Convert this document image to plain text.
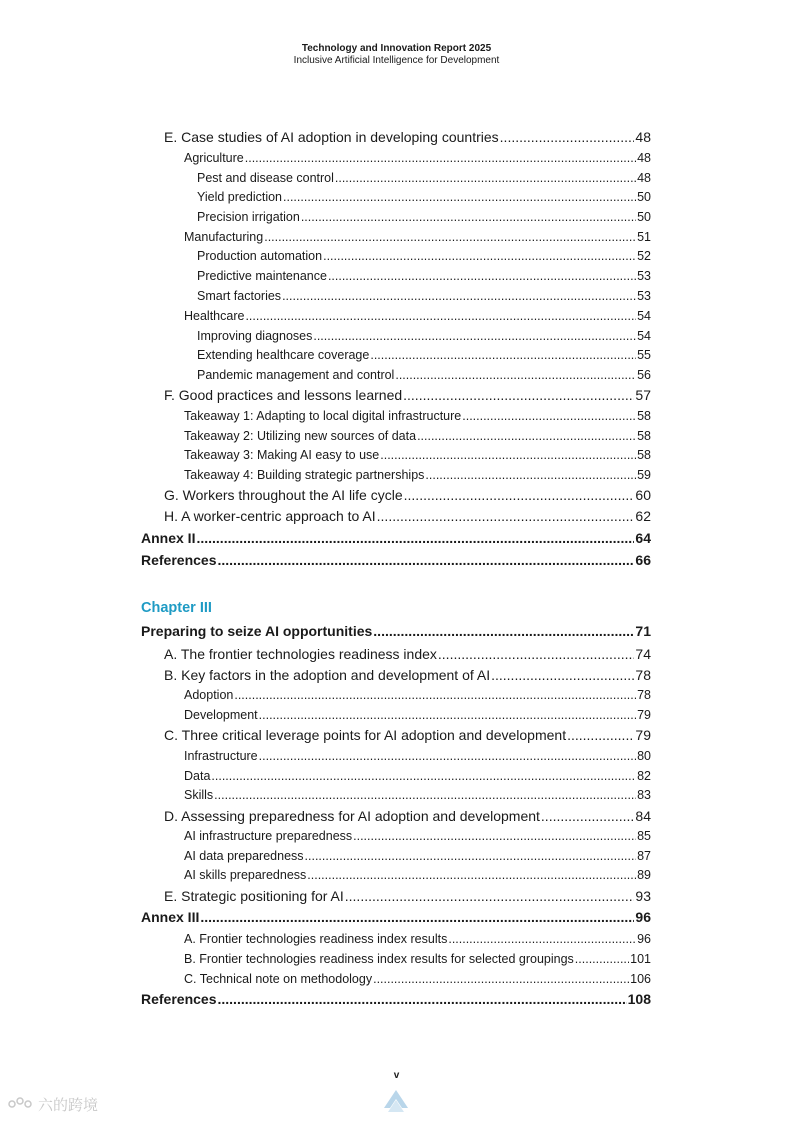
Technology and Innovation Report 2025
Inclusive Artificial Intelligence for Development
E. Case studies of AI adoption in developing countries .....	48
Agriculture .....	48
Pest and disease control .....	48
Yield prediction .....	50
Precision irrigation .....	50
Manufacturing .....	51
Production automation .....	52
Predictive maintenance .....	53
Smart factories .....	53
Healthcare .....	54
Improving diagnoses .....	54
Extending healthcare coverage .....	55
Pandemic management and control .....	56
F. Good practices and lessons learned .....	57
Takeaway 1: Adapting to local digital infrastructure .....	58
Takeaway 2: Utilizing new sources of data .....	58
Takeaway 3: Making AI easy to use .....	58
Takeaway 4: Building strategic partnerships .....	59
G. Workers throughout the AI life cycle .....	60
H. A worker-centric approach to AI .....	62
Annex II .....	64
References .....	66
Chapter III
Preparing to seize AI opportunities .....	71
A. The frontier technologies readiness index .....	74
B. Key factors in the adoption and development of AI .....	78
Adoption .....	78
Development .....	79
C. Three critical leverage points for AI adoption and development .....	79
Infrastructure .....	80
Data .....	82
Skills .....	83
D. Assessing preparedness for AI adoption and development .....	84
AI infrastructure preparedness .....	85
AI data preparedness .....	87
AI skills preparedness .....	89
E. Strategic positioning for AI .....	93
Annex III .....	96
A. Frontier technologies readiness index results .....	96
B. Frontier technologies readiness index results for selected groupings .....	101
C. Technical note on methodology .....	106
References .....	108
v
六的跨境
